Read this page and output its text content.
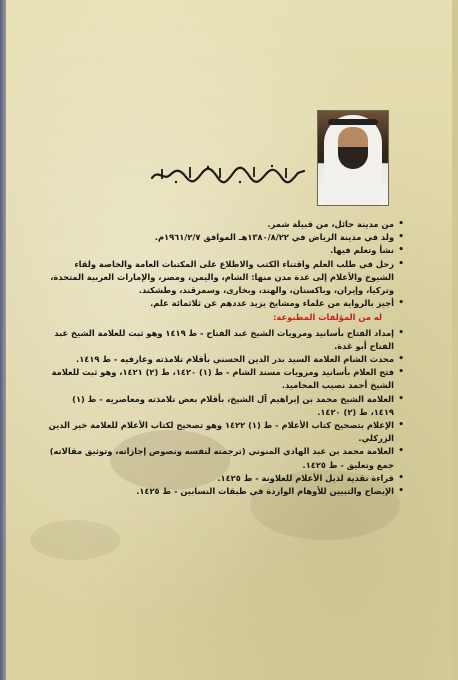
•
من مدينة حائل، من قبيلة شمر.
•
ولد في مدينة الرياض في ١٣٨٠/٨/٢٢هـ الموافق ١٩٦١/٢/٧م.
•
نشأ وتعلم فيها.
•
رحل في طلب العلم واقتناء الكتب والاطلاع على المكتبات العامة والخاصة ولقاء الشيوخ والأعلام إلى عدة مدن منها: الشام، واليمن، ومصر، والإمارات العربية المتحدة، وتركيا، وإيران، وباكستان، والهند، وبخارى، وسمرقند، وطشكند.
•
أجيز بالرواية من علماء ومشايخ يزيد عددهم عن ثلاثمائة علم.
له من المؤلفات المطبوعة:
•
إمداد الفتاح بأسانيد ومرويات الشيخ عبد الفتاح - ط ١٤١٩ وهو ثبت للعلامة الشيخ عبد الفتاح أبو غدة.
•
محدث الشام العلامة السيد بدر الدين الحسني بأقلام تلامذته وعارفيه - ط ١٤١٩.
•
فتح العلام بأسانيد ومرويات مسند الشام - ط (١) ١٤٢٠، ط (٢) ١٤٢١، وهو ثبت للعلامة الشيخ أحمد نصيب المحاميد.
•
العلامة الشيخ محمد بن إبراهيم آل الشيخ، بأقلام بعض تلامذته ومعاصريه - ط (١) ١٤١٩، ط (٢) ١٤٢٠.
•
الإعلام بتصحيح كتاب الأعلام - ط (١) ١٤٢٢ وهو تصحيح لكتاب الأعلام للعلامة خير الدين الزركلي.
•
العلامة محمد بن عبد الهادي المنوني (ترجمته لنفسه ونصوص إجازاته، وتوثيق مقالاته) جمع وتعليق - ط ١٤٢٥.
•
قراءة نقدية لذيل الأعلام للعلاونة - ط ١٤٢٥.
•
الإيضاح والتبيين للأوهام الواردة في طبقات النسابين - ط ١٤٢٥.
